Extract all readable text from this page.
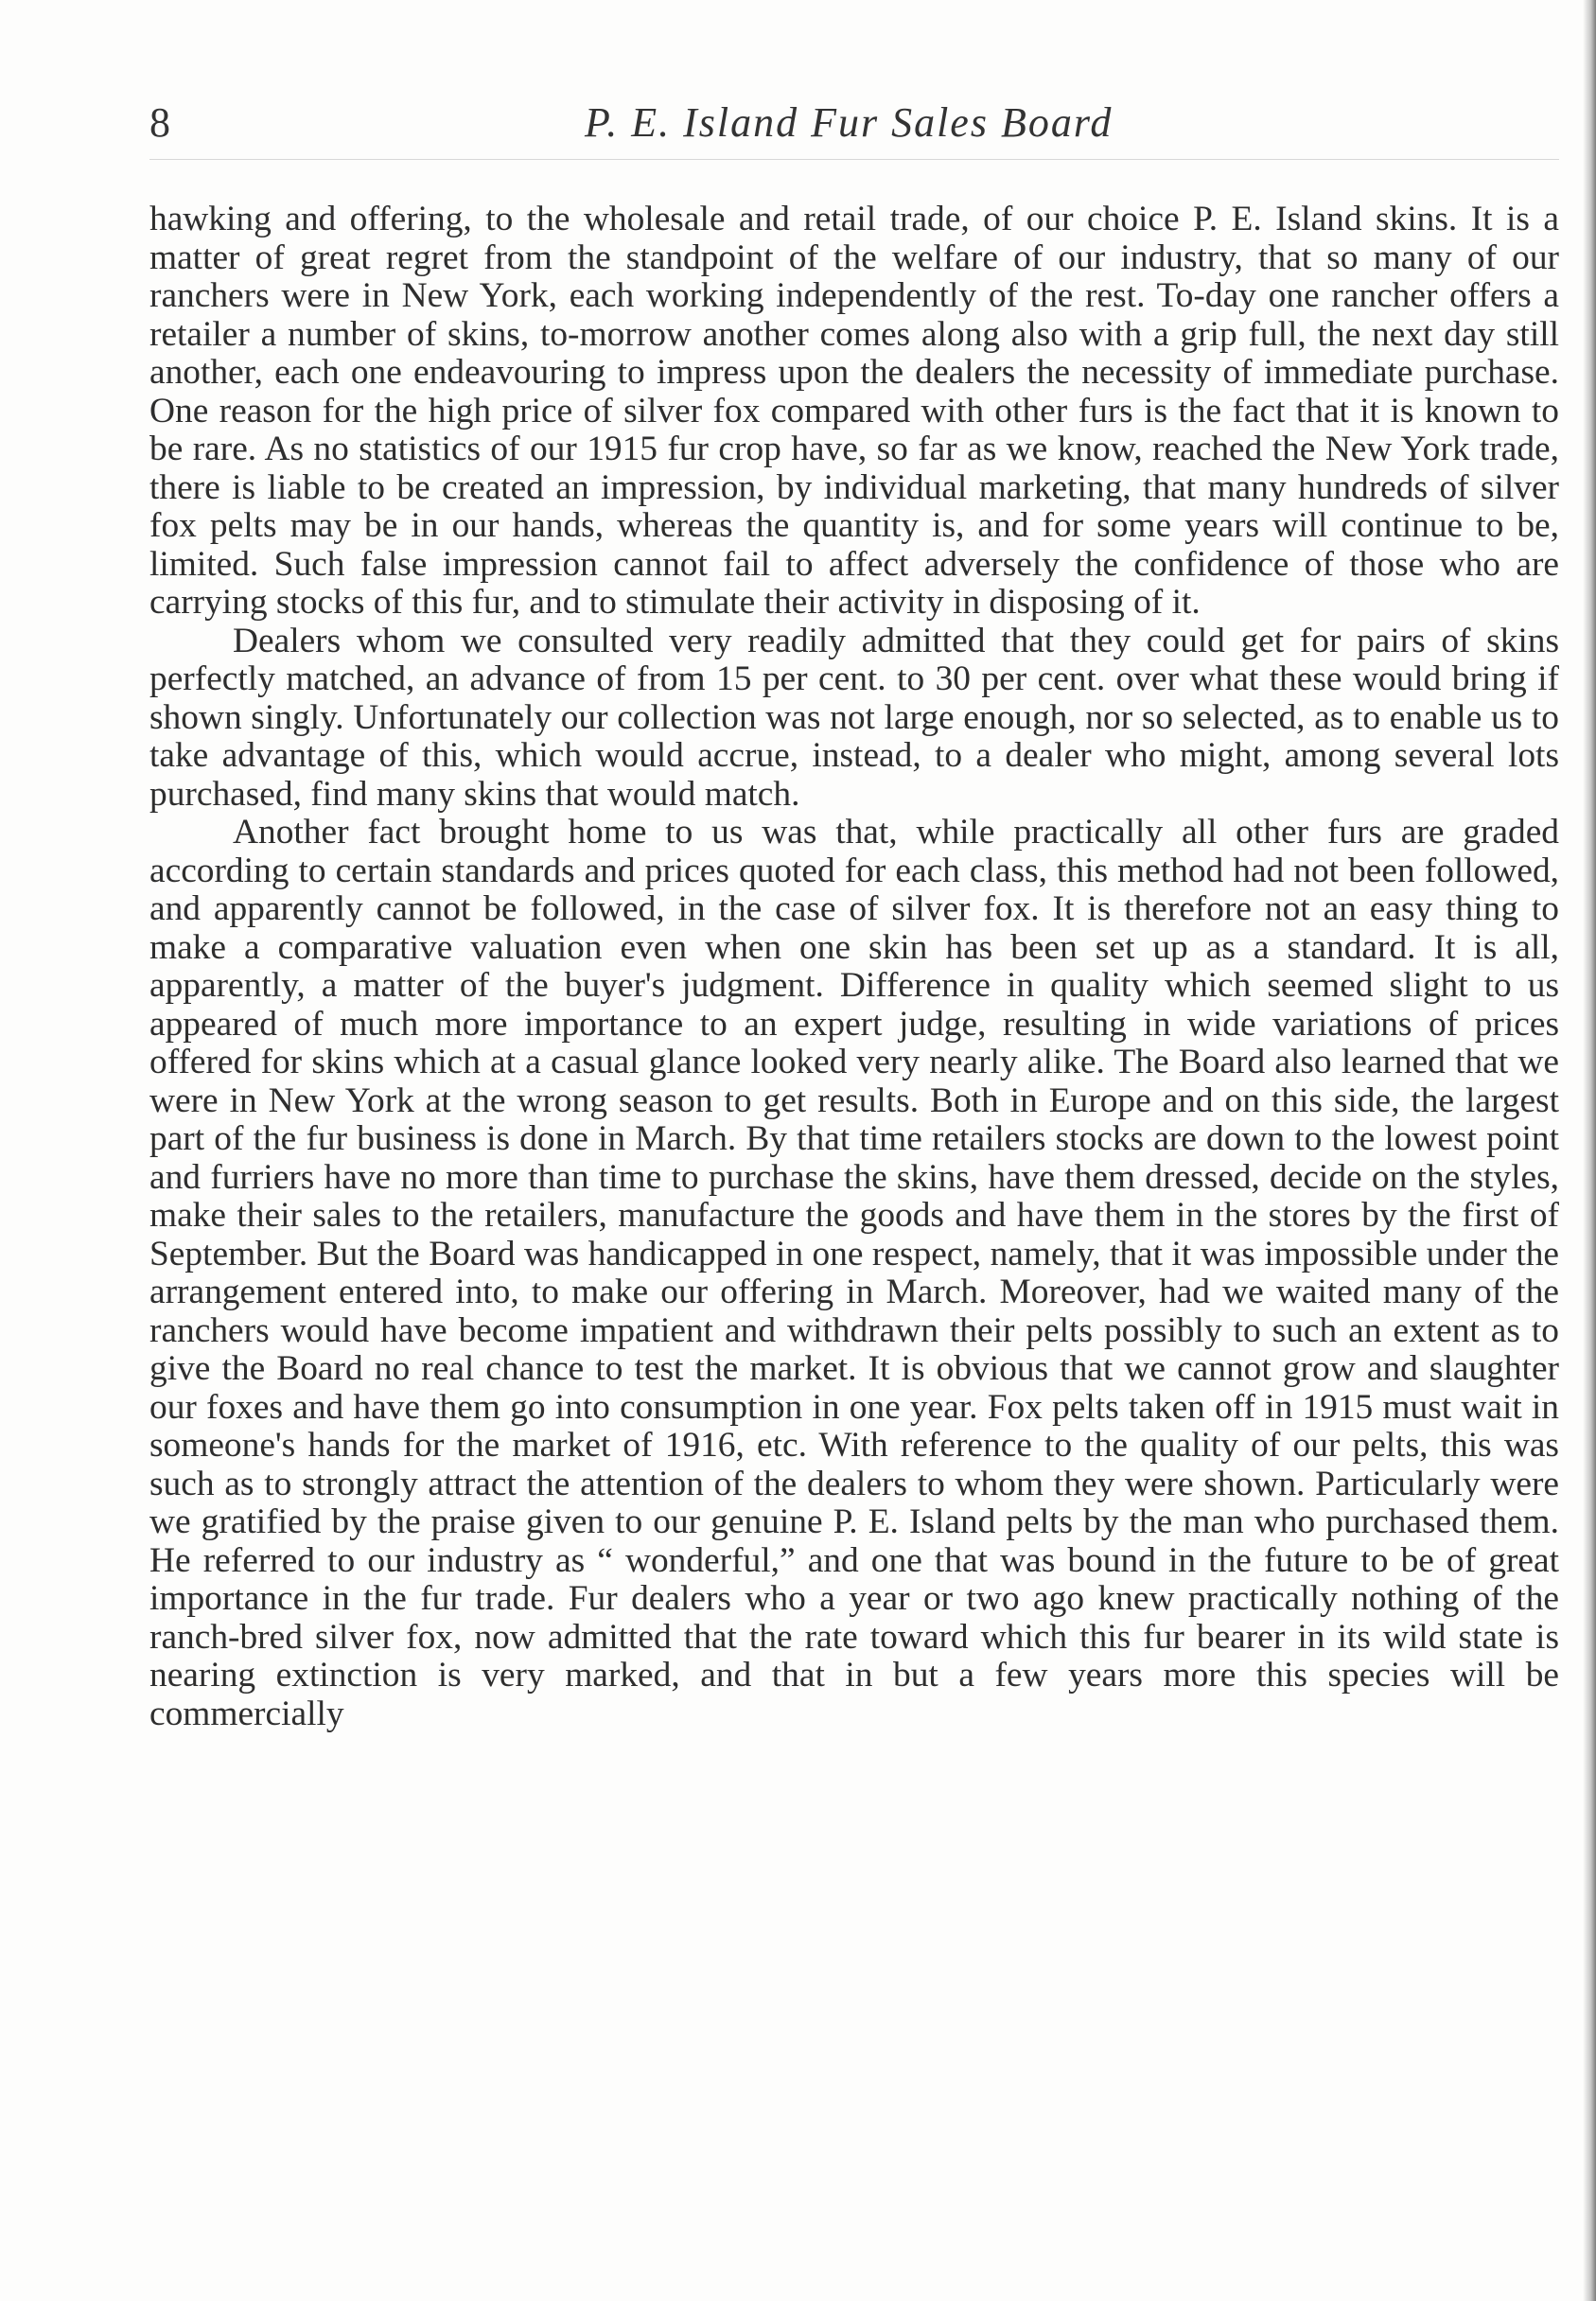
8	P. E. Island Fur Sales Board

hawking and offering, to the wholesale and retail trade, of our choice P. E. Island skins. It is a matter of great regret from the standpoint of the welfare of our industry, that so many of our ranchers were in New York, each working independently of the rest. To-day one rancher offers a retailer a number of skins, to-morrow another comes along also with a grip full, the next day still another, each one endeavouring to impress upon the dealers the necessity of immediate purchase. One reason for the high price of silver fox compared with other furs is the fact that it is known to be rare. As no statistics of our 1915 fur crop have, so far as we know, reached the New York trade, there is liable to be created an impression, by individual marketing, that many hundreds of silver fox pelts may be in our hands, whereas the quantity is, and for some years will continue to be, limited. Such false impression cannot fail to affect adversely the confidence of those who are carrying stocks of this fur, and to stimulate their activity in disposing of it.

Dealers whom we consulted very readily admitted that they could get for pairs of skins perfectly matched, an advance of from 15 per cent. to 30 per cent. over what these would bring if shown singly. Unfortunately our collection was not large enough, nor so selected, as to enable us to take advantage of this, which would accrue, instead, to a dealer who might, among several lots purchased, find many skins that would match.

Another fact brought home to us was that, while practically all other furs are graded according to certain standards and prices quoted for each class, this method had not been followed, and apparently cannot be followed, in the case of silver fox. It is therefore not an easy thing to make a comparative valuation even when one skin has been set up as a standard. It is all, apparently, a matter of the buyer's judgment. Difference in quality which seemed slight to us appeared of much more importance to an expert judge, resulting in wide variations of prices offered for skins which at a casual glance looked very nearly alike. The Board also learned that we were in New York at the wrong season to get results. Both in Europe and on this side, the largest part of the fur business is done in March. By that time retailers stocks are down to the lowest point and furriers have no more than time to purchase the skins, have them dressed, decide on the styles, make their sales to the retailers, manufacture the goods and have them in the stores by the first of September. But the Board was handicapped in one respect, namely, that it was impossible under the arrangement entered into, to make our offering in March. Moreover, had we waited many of the ranchers would have become impatient and withdrawn their pelts possibly to such an extent as to give the Board no real chance to test the market. It is obvious that we cannot grow and slaughter our foxes and have them go into consumption in one year. Fox pelts taken off in 1915 must wait in someone's hands for the market of 1916, etc. With reference to the quality of our pelts, this was such as to strongly attract the attention of the dealers to whom they were shown. Particularly were we gratified by the praise given to our genuine P. E. Island pelts by the man who purchased them. He referred to our industry as “ wonderful,” and one that was bound in the future to be of great importance in the fur trade. Fur dealers who a year or two ago knew practically nothing of the ranch-bred silver fox, now admitted that the rate toward which this fur bearer in its wild state is nearing extinction is very marked, and that in but a few years more this species will be commercially
